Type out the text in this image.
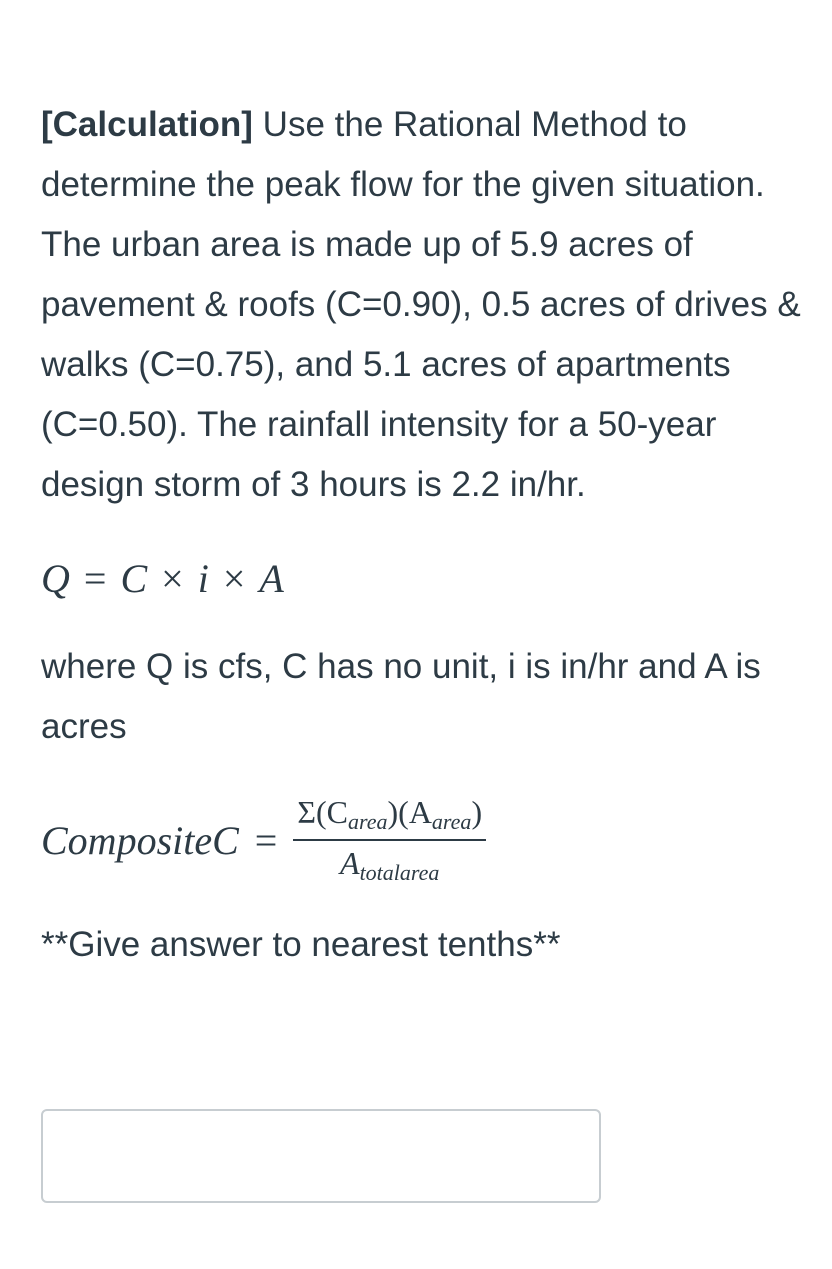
[Calculation] Use the Rational Method to determine the peak flow for the given situation. The urban area is made up of 5.9 acres of pavement & roofs (C=0.90), 0.5 acres of drives & walks (C=0.75), and 5.1 acres of apartments (C=0.50). The rainfall intensity for a 50-year design storm of 3 hours is 2.2 in/hr.

Q = C × i × A
where Q is cfs, C has no unit, i is in/hr and A is acres
CompositeC = $\frac{\Sigma(C_{area})(A_{area})}{A_{totalarea}}$
**Give answer to nearest tenths**
